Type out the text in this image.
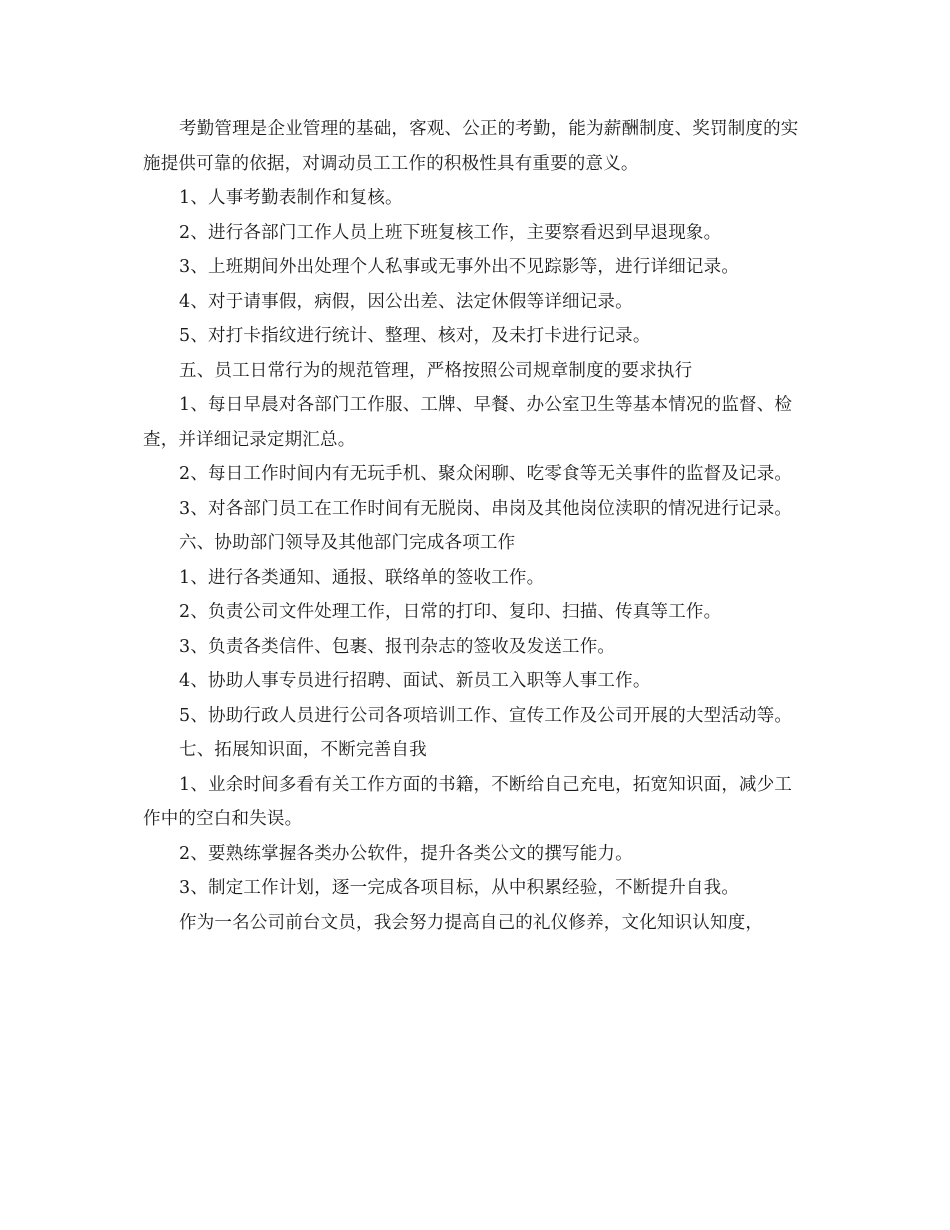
考勤管理是企业管理的基础，客观、公正的考勤，能为薪酬制度、奖罚制度的实施提供可靠的依据，对调动员工工作的积极性具有重要的意义。

1、人事考勤表制作和复核。

2、进行各部门工作人员上班下班复核工作，主要察看迟到早退现象。

3、上班期间外出处理个人私事或无事外出不见踪影等，进行详细记录。

4、对于请事假，病假，因公出差、法定休假等详细记录。

5、对打卡指纹进行统计、整理、核对，及未打卡进行记录。

五、员工日常行为的规范管理，严格按照公司规章制度的要求执行

1、每日早晨对各部门工作服、工牌、早餐、办公室卫生等基本情况的监督、检查，并详细记录定期汇总。

2、每日工作时间内有无玩手机、聚众闲聊、吃零食等无关事件的监督及记录。

3、对各部门员工在工作时间有无脱岗、串岗及其他岗位渎职的情况进行记录。

六、协助部门领导及其他部门完成各项工作

1、进行各类通知、通报、联络单的签收工作。

2、负责公司文件处理工作，日常的打印、复印、扫描、传真等工作。

3、负责各类信件、包裹、报刊杂志的签收及发送工作。

4、协助人事专员进行招聘、面试、新员工入职等人事工作。

5、协助行政人员进行公司各项培训工作、宣传工作及公司开展的大型活动等。

七、拓展知识面，不断完善自我

1、业余时间多看有关工作方面的书籍，不断给自己充电，拓宽知识面，减少工作中的空白和失误。

2、要熟练掌握各类办公软件，提升各类公文的撰写能力。

3、制定工作计划，逐一完成各项目标，从中积累经验，不断提升自我。

作为一名公司前台文员，我会努力提高自己的礼仪修养，文化知识认知度，
